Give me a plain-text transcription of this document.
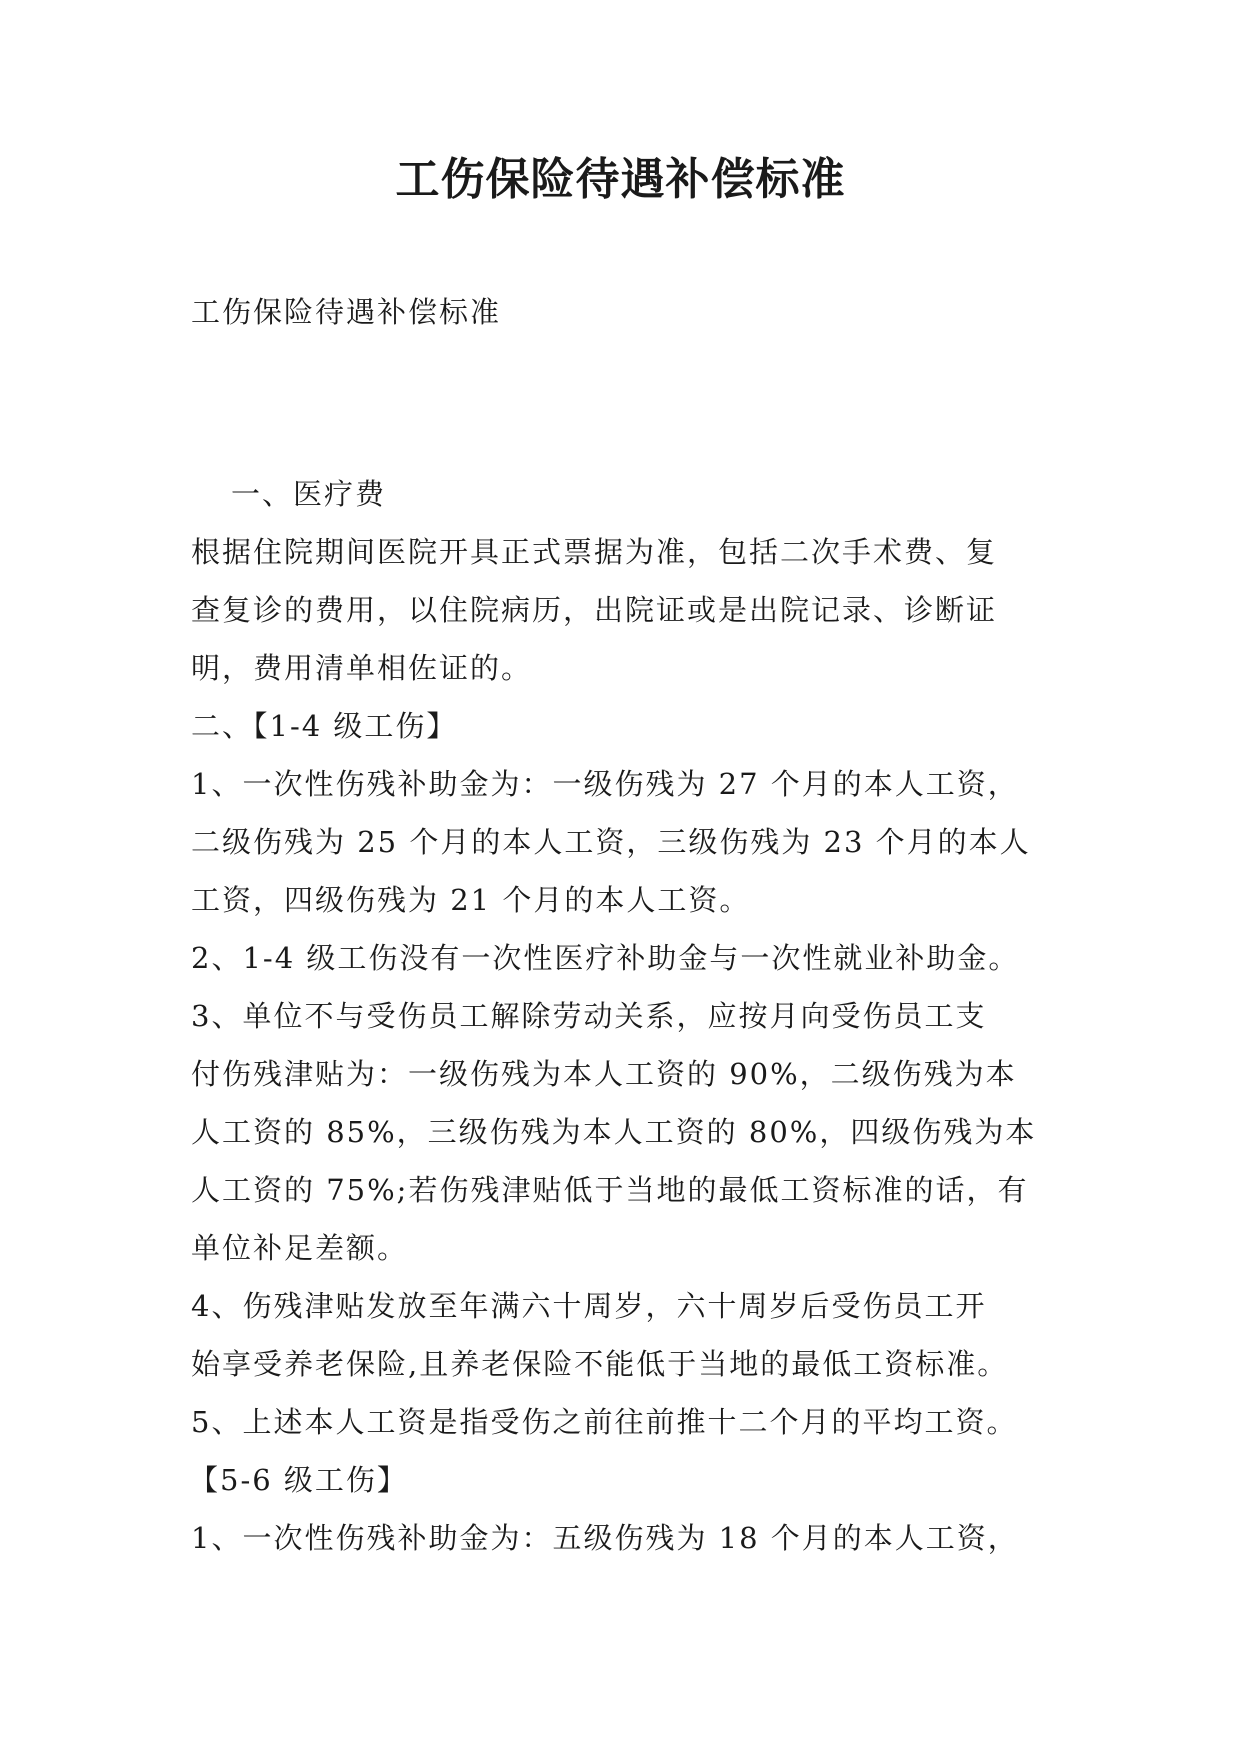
工伤保险待遇补偿标准
工伤保险待遇补偿标准
一、医疗费
根据住院期间医院开具正式票据为准，包括二次手术费、复
查复诊的费用，以住院病历，出院证或是出院记录、诊断证
明，费用清单相佐证的。
二、【1-4 级工伤】
1、一次性伤残补助金为：一级伤残为 27 个月的本人工资，
二级伤残为 25 个月的本人工资，三级伤残为 23 个月的本人
工资，四级伤残为 21 个月的本人工资。
2、1-4 级工伤没有一次性医疗补助金与一次性就业补助金。
3、单位不与受伤员工解除劳动关系，应按月向受伤员工支
付伤残津贴为：一级伤残为本人工资的 90%，二级伤残为本
人工资的 85%，三级伤残为本人工资的 80%，四级伤残为本
人工资的 75%;若伤残津贴低于当地的最低工资标准的话，有
单位补足差额。
4、伤残津贴发放至年满六十周岁，六十周岁后受伤员工开
始享受养老保险,且养老保险不能低于当地的最低工资标准。
5、上述本人工资是指受伤之前往前推十二个月的平均工资。
【5-6 级工伤】
1、一次性伤残补助金为：五级伤残为 18 个月的本人工资，
